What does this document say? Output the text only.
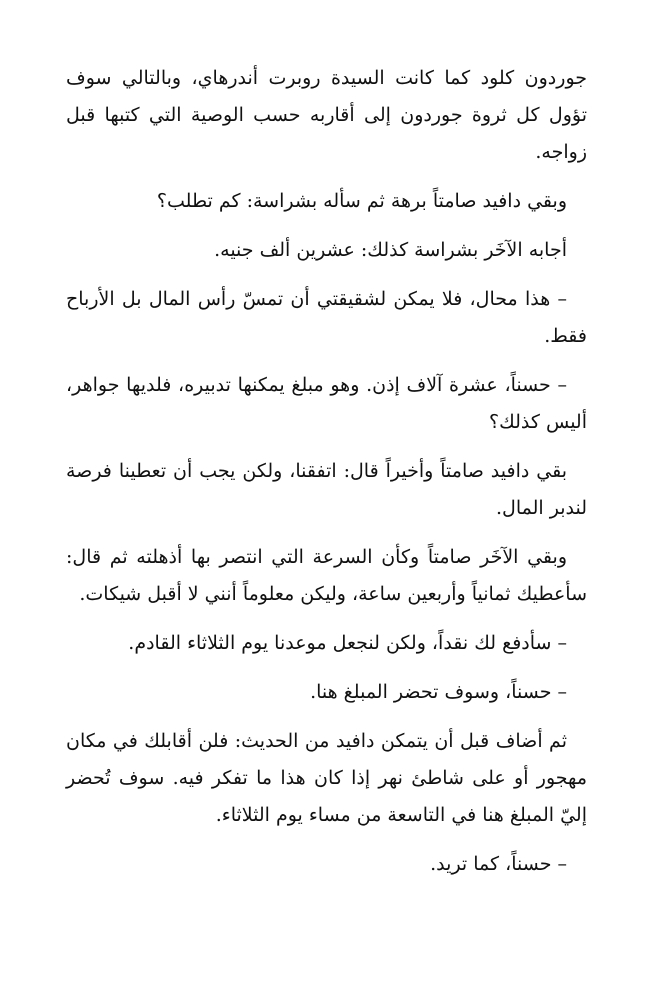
جوردون كلود كما كانت السيدة روبرت أندرهاي، وبالتالي سوف تؤول كل ثروة جوردون إلى أقاربه حسب الوصية التي كتبها قبل زواجه.

وبقي دافيد صامتاً برهة ثم سأله بشراسة: كم تطلب؟

أجابه الآخَر بشراسة كذلك: عشرين ألف جنيه.

– هذا محال، فلا يمكن لشقيقتي أن تمسّ رأس المال بل الأرباح فقط.

– حسناً، عشرة آلاف إذن. وهو مبلغ يمكنها تدبيره، فلديها جواهر، أليس كذلك؟

بقي دافيد صامتاً وأخيراً قال: اتفقنا، ولكن يجب أن تعطينا فرصة لندبر المال.

وبقي الآخَر صامتاً وكأن السرعة التي انتصر بها أذهلته ثم قال: سأعطيك ثمانياً وأربعين ساعة، وليكن معلوماً أنني لا أقبل شيكات.

– سأدفع لك نقداً، ولكن لنجعل موعدنا يوم الثلاثاء القادم.

– حسناً، وسوف تحضر المبلغ هنا.

ثم أضاف قبل أن يتمكن دافيد من الحديث: فلن أقابلك في مكان مهجور أو على شاطئ نهر إذا كان هذا ما تفكر فيه. سوف تُحضر إليّ المبلغ هنا في التاسعة من مساء يوم الثلاثاء.

– حسناً، كما تريد.
